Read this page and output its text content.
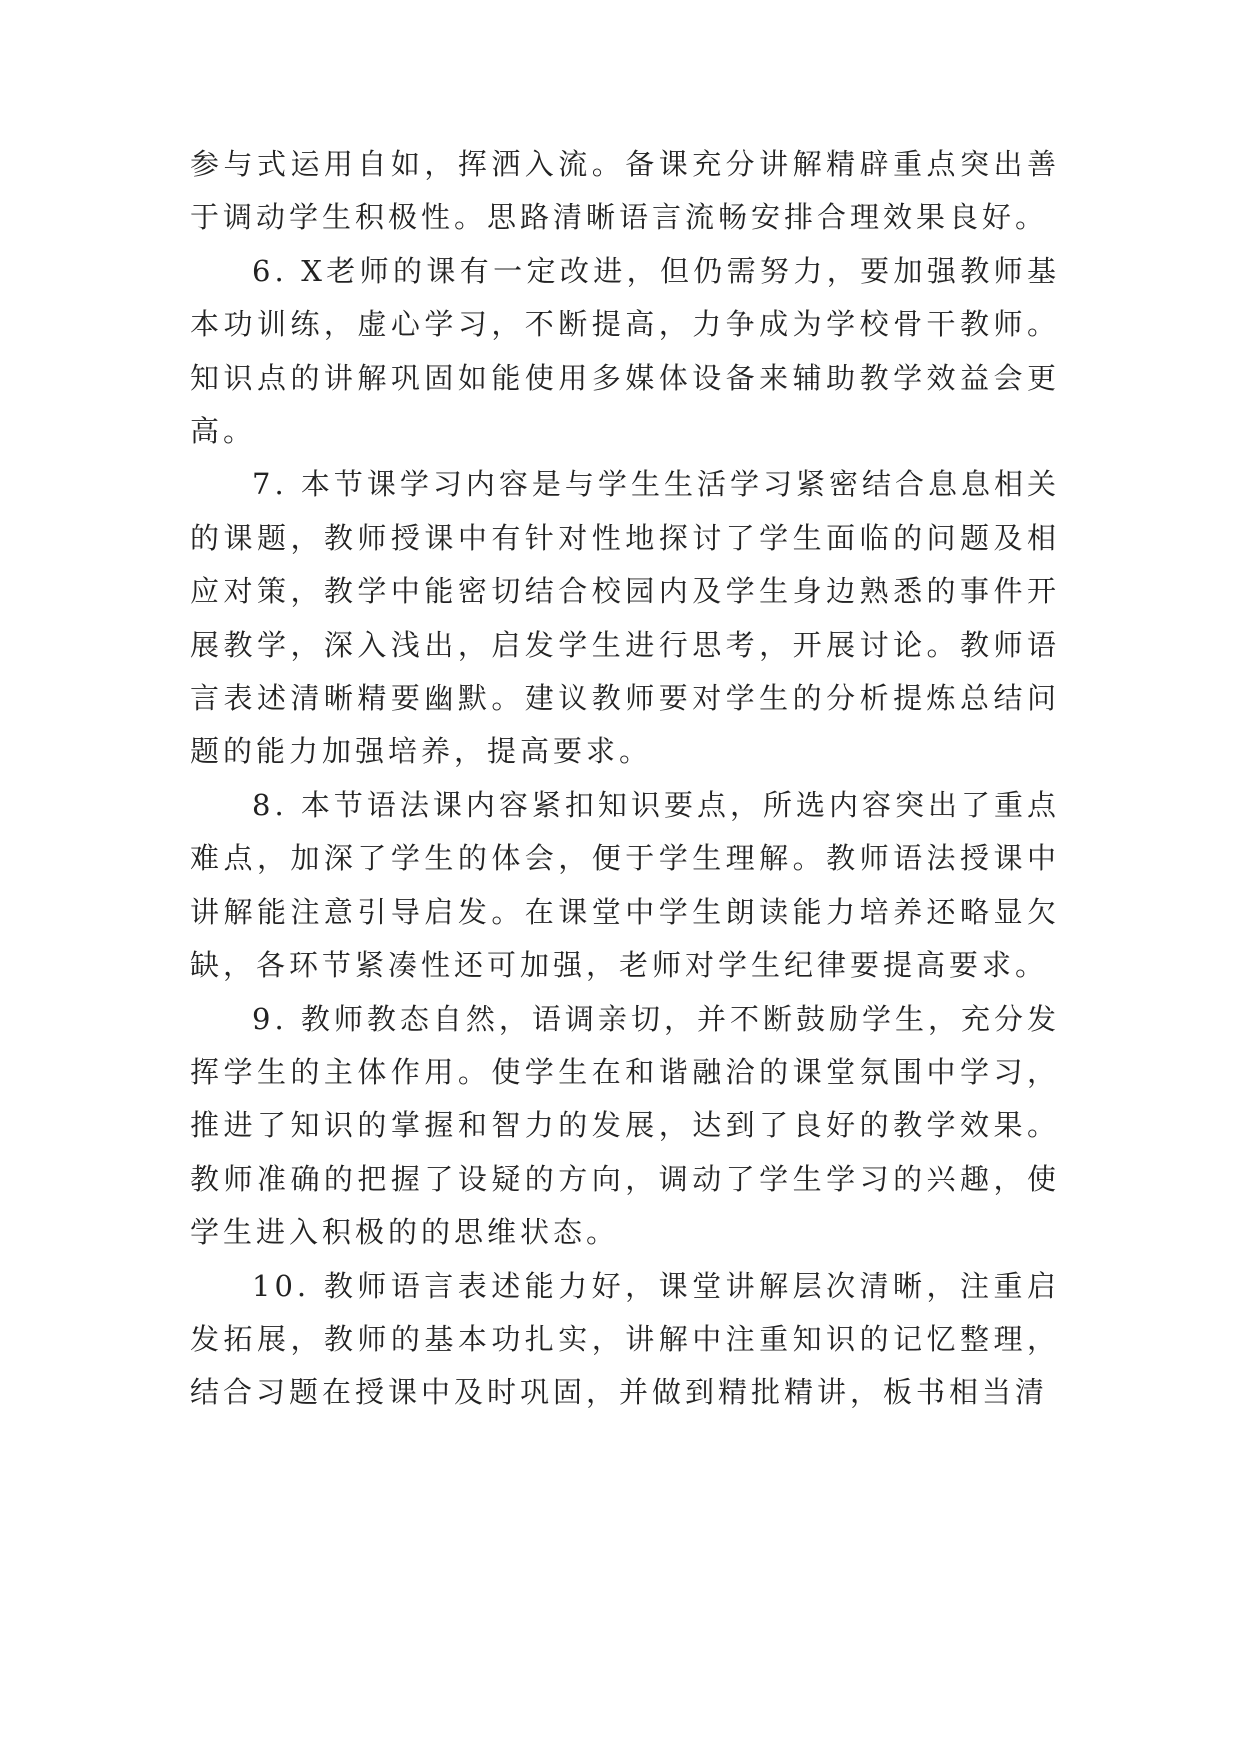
参与式运用自如，挥洒入流。备课充分讲解精辟重点突出善于调动学生积极性。思路清晰语言流畅安排合理效果良好。

6. X老师的课有一定改进，但仍需努力，要加强教师基本功训练，虚心学习，不断提高，力争成为学校骨干教师。知识点的讲解巩固如能使用多媒体设备来辅助教学效益会更高。

7. 本节课学习内容是与学生生活学习紧密结合息息相关的课题，教师授课中有针对性地探讨了学生面临的问题及相应对策，教学中能密切结合校园内及学生身边熟悉的事件开展教学，深入浅出，启发学生进行思考，开展讨论。教师语言表述清晰精要幽默。建议教师要对学生的分析提炼总结问题的能力加强培养，提高要求。

8. 本节语法课内容紧扣知识要点，所选内容突出了重点难点，加深了学生的体会，便于学生理解。教师语法授课中讲解能注意引导启发。在课堂中学生朗读能力培养还略显欠缺，各环节紧凑性还可加强，老师对学生纪律要提高要求。

9. 教师教态自然，语调亲切，并不断鼓励学生，充分发挥学生的主体作用。使学生在和谐融洽的课堂氛围中学习，推进了知识的掌握和智力的发展，达到了良好的教学效果。教师准确的把握了设疑的方向，调动了学生学习的兴趣，使学生进入积极的的思维状态。

10. 教师语言表述能力好，课堂讲解层次清晰，注重启发拓展，教师的基本功扎实，讲解中注重知识的记忆整理，结合习题在授课中及时巩固，并做到精批精讲，板书相当清
